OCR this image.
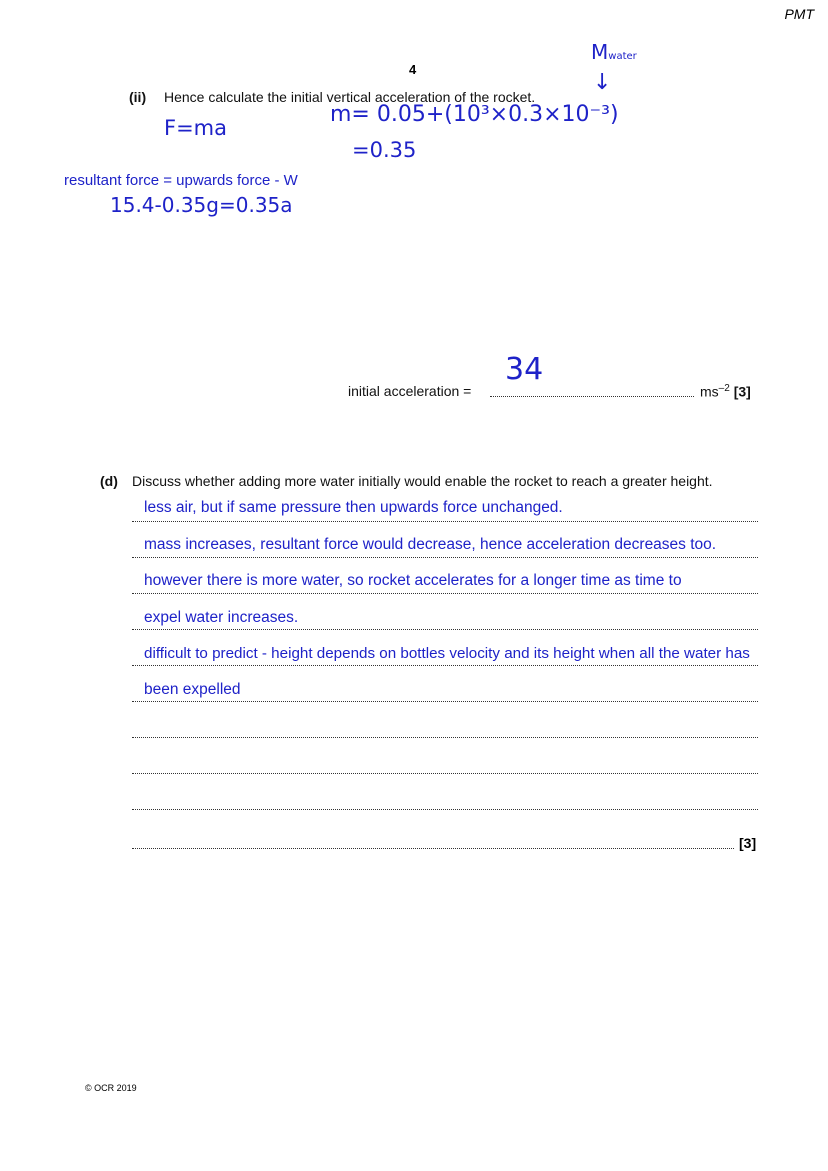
PMT
4
(ii) Hence calculate the initial vertical acceleration of the rocket.
Mwater
↓
F=ma
m= 0.05+(10³×0.3×10⁻³)
=0.35
resultant force = upwards force - W
15.4-0.35g=0.35a
initial acceleration =
34
$ms^{-2}$ [3]
(d) Discuss whether adding more water initially would enable the rocket to reach a greater height.
[3]
less air, but if same pressure then upwards force unchanged.
mass increases, resultant force would decrease, hence acceleration decreases too.
however there is more water, so rocket accelerates for a longer time as time to
expel water increases.
difficult to predict - height depends on bottles velocity and its height when all the water has
been expelled
© OCR 2019
